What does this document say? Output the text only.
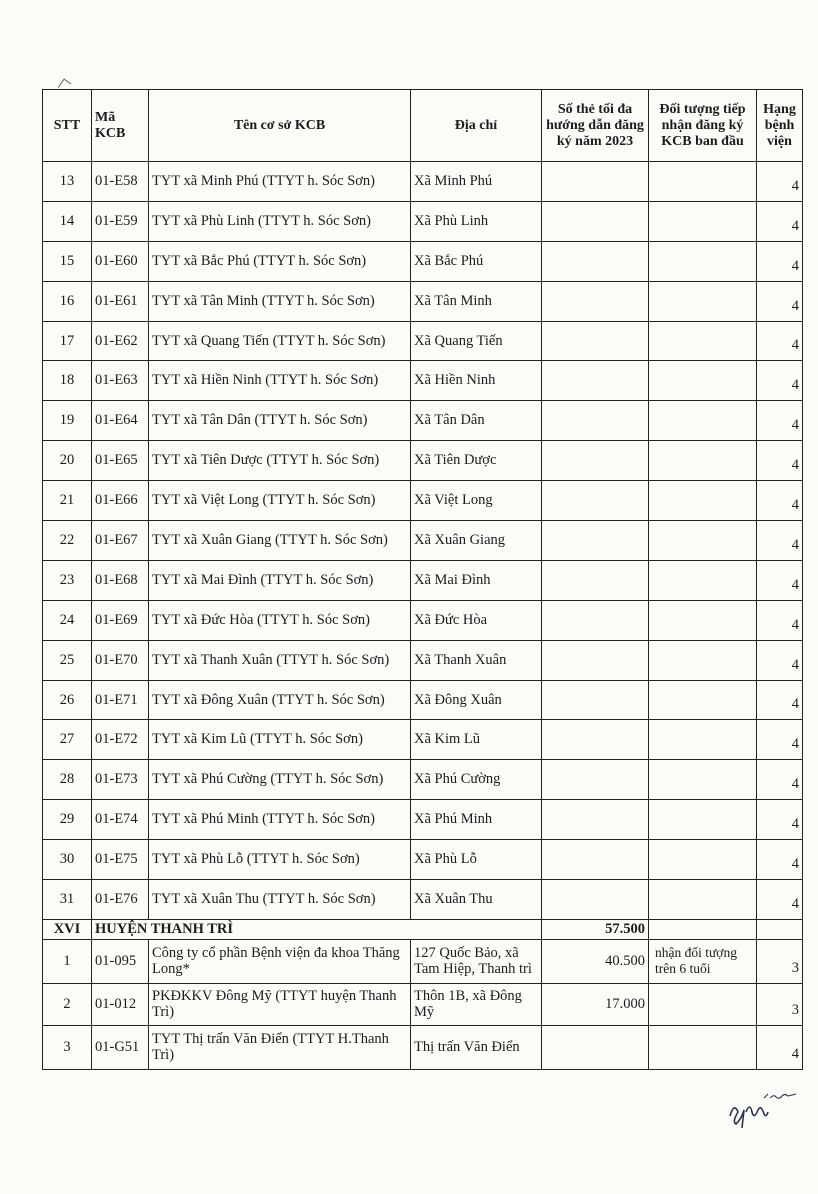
STT	Mã KCB	Tên cơ sở KCB	Địa chỉ	Số thẻ tối đa hướng dẫn đăng ký năm 2023	Đối tượng tiếp nhận đăng ký KCB ban đầu	Hạng bệnh viện
13	01-E58	TYT xã Minh Phú (TTYT h. Sóc Sơn)	Xã Minh Phú			4
14	01-E59	TYT xã Phù Linh (TTYT h. Sóc Sơn)	Xã Phù Linh			4
15	01-E60	TYT xã Bắc Phú (TTYT h. Sóc Sơn)	Xã Bắc Phú			4
16	01-E61	TYT xã Tân Minh (TTYT h. Sóc Sơn)	Xã Tân Minh			4
17	01-E62	TYT xã Quang Tiến (TTYT h. Sóc Sơn)	Xã Quang Tiến			4
18	01-E63	TYT xã Hiền Ninh (TTYT h. Sóc Sơn)	Xã Hiền Ninh			4
19	01-E64	TYT xã Tân Dân (TTYT h. Sóc Sơn)	Xã Tân Dân			4
20	01-E65	TYT xã Tiên Dược (TTYT h. Sóc Sơn)	Xã Tiên Dược			4
21	01-E66	TYT xã Việt Long (TTYT h. Sóc Sơn)	Xã Việt Long			4
22	01-E67	TYT xã Xuân Giang (TTYT h. Sóc Sơn)	Xã Xuân Giang			4
23	01-E68	TYT xã Mai Đình (TTYT h. Sóc Sơn)	Xã Mai Đình			4
24	01-E69	TYT xã Đức Hòa (TTYT h. Sóc Sơn)	Xã Đức Hòa			4
25	01-E70	TYT xã Thanh Xuân (TTYT h. Sóc Sơn)	Xã Thanh Xuân			4
26	01-E71	TYT xã Đông Xuân (TTYT h. Sóc Sơn)	Xã Đông Xuân			4
27	01-E72	TYT xã Kim Lũ (TTYT h. Sóc Sơn)	Xã Kim Lũ			4
28	01-E73	TYT xã Phú Cường (TTYT h. Sóc Sơn)	Xã Phú Cường			4
29	01-E74	TYT xã Phú Minh (TTYT h. Sóc Sơn)	Xã Phú Minh			4
30	01-E75	TYT xã Phù Lỗ (TTYT h. Sóc Sơn)	Xã Phù Lỗ			4
31	01-E76	TYT xã Xuân Thu (TTYT h. Sóc Sơn)	Xã Xuân Thu			4
XVI	HUYỆN THANH TRÌ			57.500		
1	01-095	Công ty cổ phần Bệnh viện đa khoa Thăng Long*	127 Quốc Bảo, xã Tam Hiệp, Thanh trì	40.500	nhận đối tượng trên 6 tuổi	3
2	01-012	PKĐKKV Đông Mỹ (TTYT huyện Thanh Trì)	Thôn 1B, xã Đông Mỹ	17.000		3
3	01-G51	TYT Thị trấn Văn Điển (TTYT H.Thanh Trì)	Thị trấn Văn Điển			4
